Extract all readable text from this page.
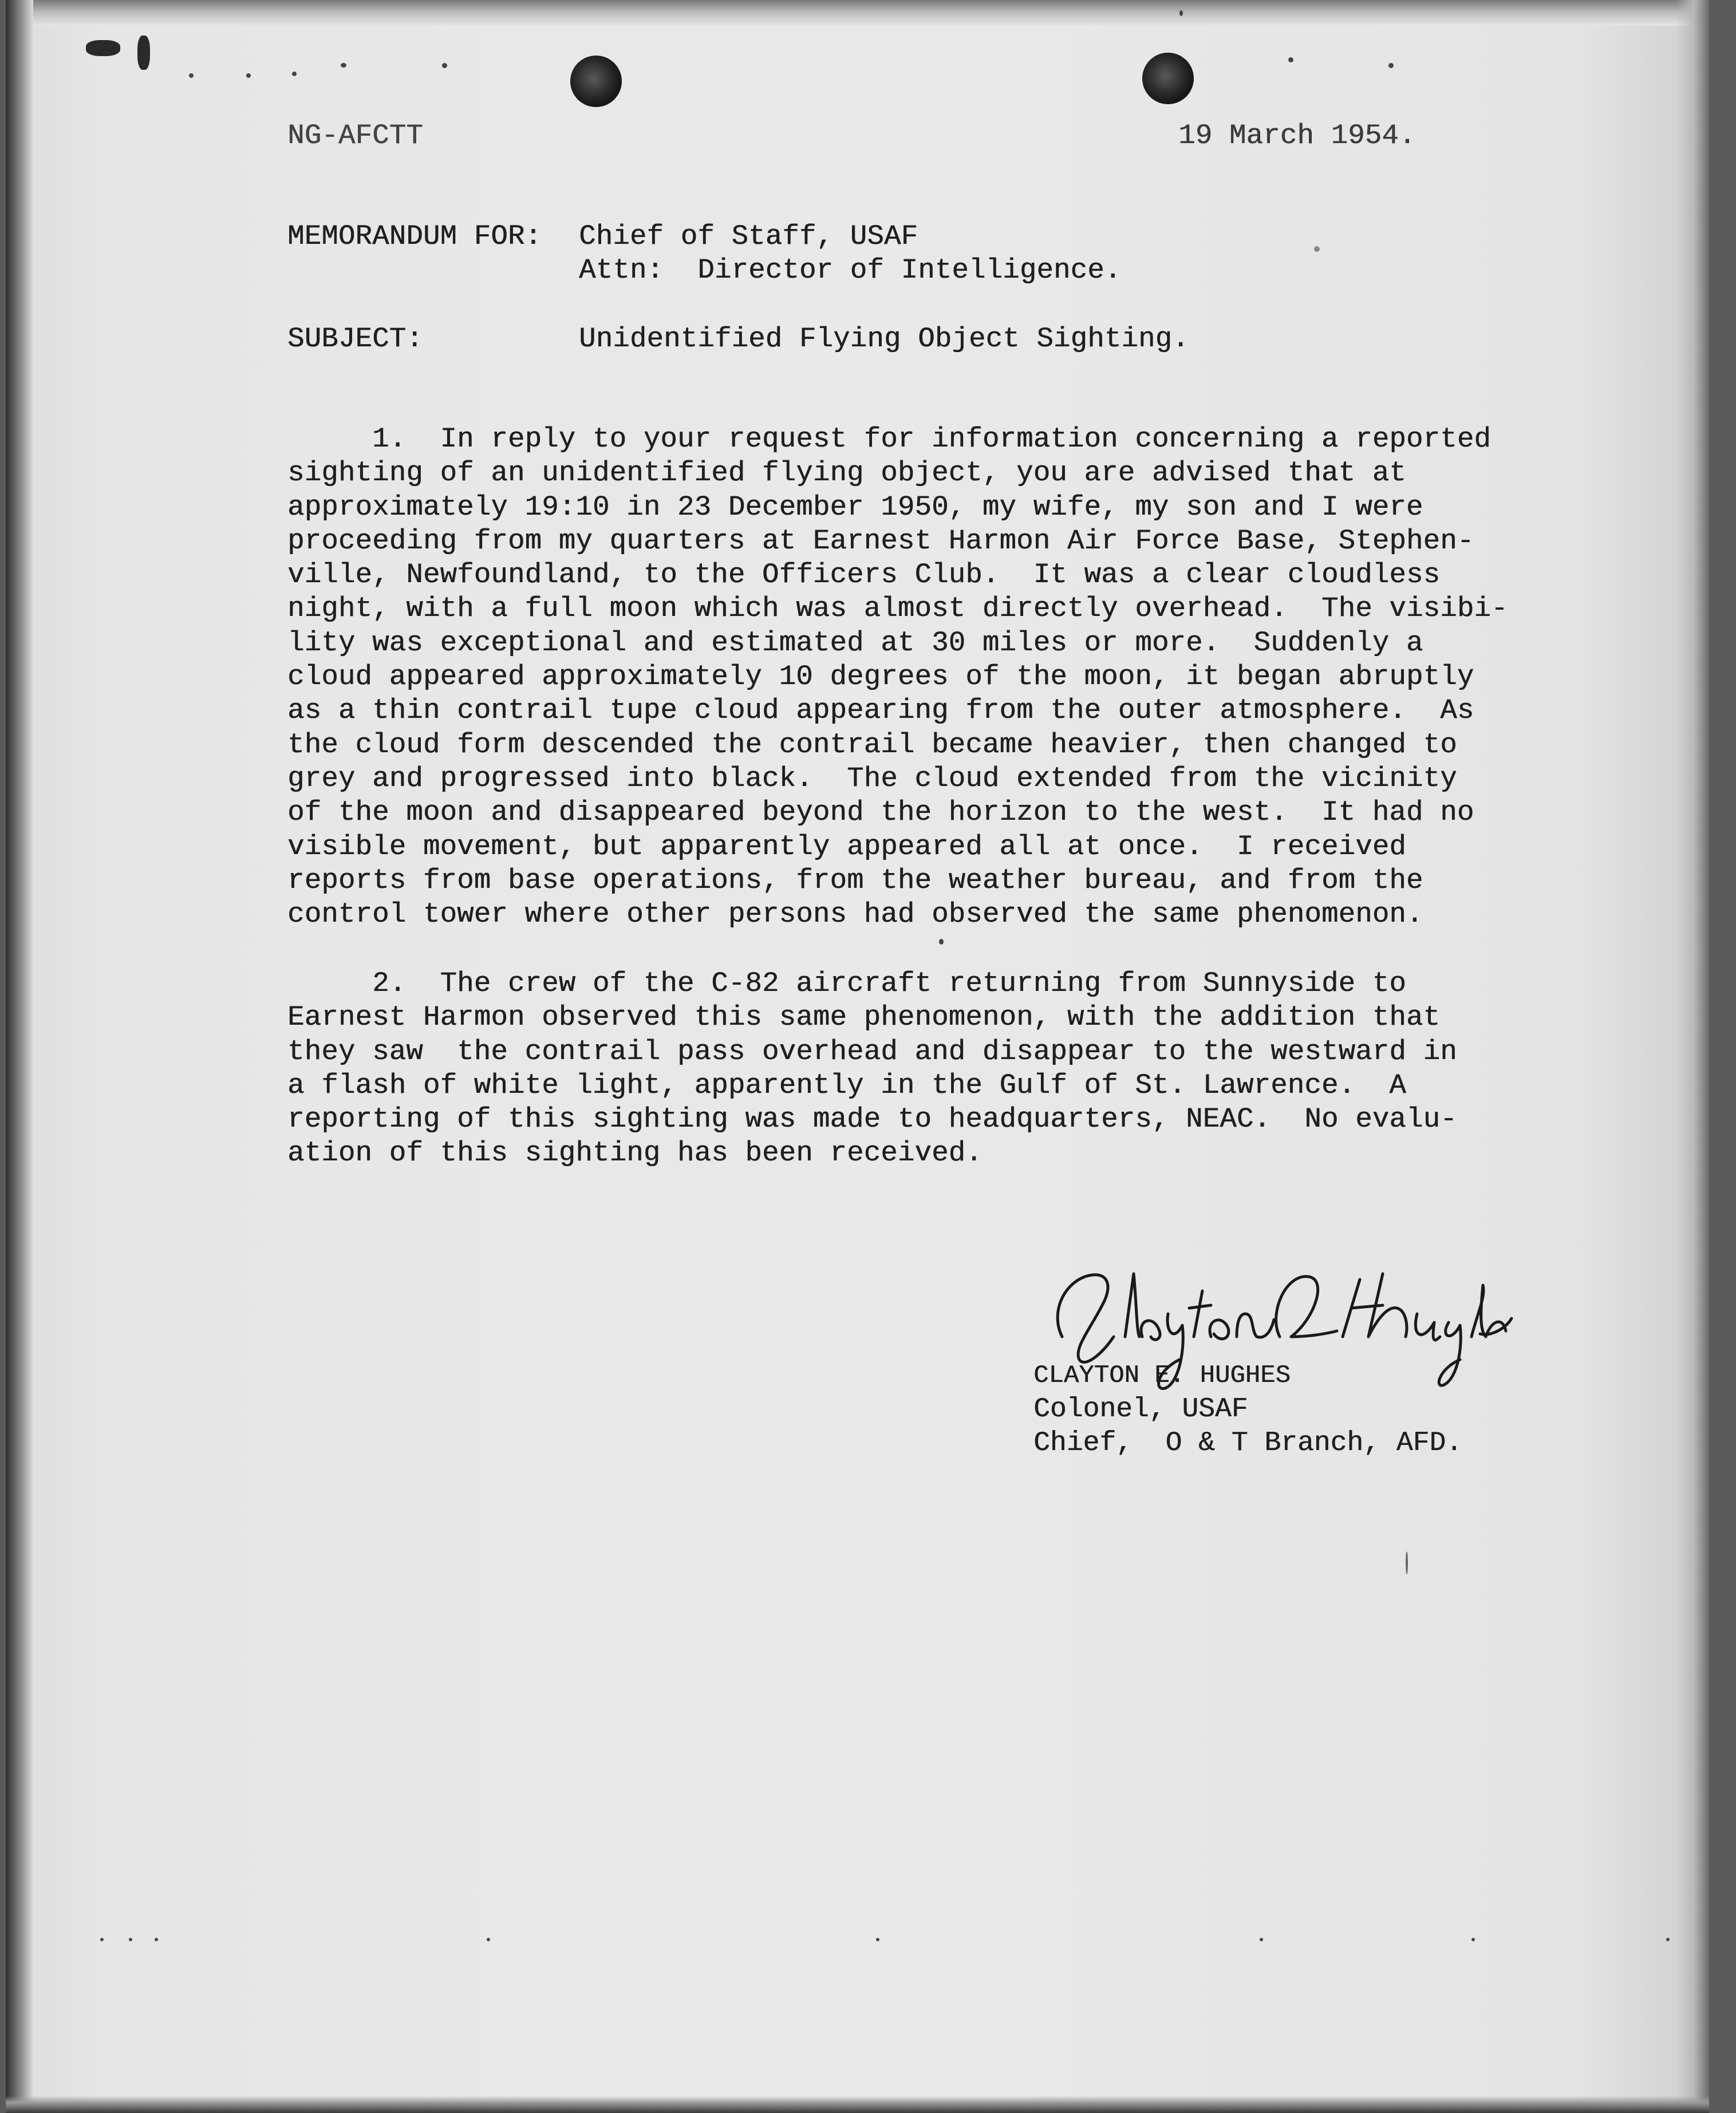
NG-AFCTT	19 March 1954.
MEMORANDUM FOR: Chief of Staff, USAF
Attn:  Director of Intelligence.
SUBJECT:	Unidentified Flying Object Sighting.
1.  In reply to your request for information concerning a reported
sighting of an unidentified flying object, you are advised that at
approximately 19:10 in 23 December 1950, my wife, my son and I were
proceeding from my quarters at Earnest Harmon Air Force Base, Stephen-
ville, Newfoundland, to the Officers Club.  It was a clear cloudless
night, with a full moon which was almost directly overhead.  The visibi-
lity was exceptional and estimated at 30 miles or more.  Suddenly a
cloud appeared approximately 10 degrees of the moon, it began abruptly
as a thin contrail tupe cloud appearing from the outer atmosphere.  As
the cloud form descended the contrail became heavier, then changed to
grey and progressed into black.  The cloud extended from the vicinity
of the moon and disappeared beyond the horizon to the west.  It had no
visible movement, but apparently appeared all at once.  I received
reports from base operations, from the weather bureau, and from the
control tower where other persons had observed the same phenomenon.
2.  The crew of the C-82 aircraft returning from Sunnyside to
Earnest Harmon observed this same phenomenon, with the addition that
they saw  the contrail pass overhead and disappear to the westward in
a flash of white light, apparently in the Gulf of St. Lawrence.  A
reporting of this sighting was made to headquarters, NEAC.  No evalu-
ation of this sighting has been received.
CLAYTON E. HUGHES
Colonel, USAF
Chief,  O & T Branch, AFD.
